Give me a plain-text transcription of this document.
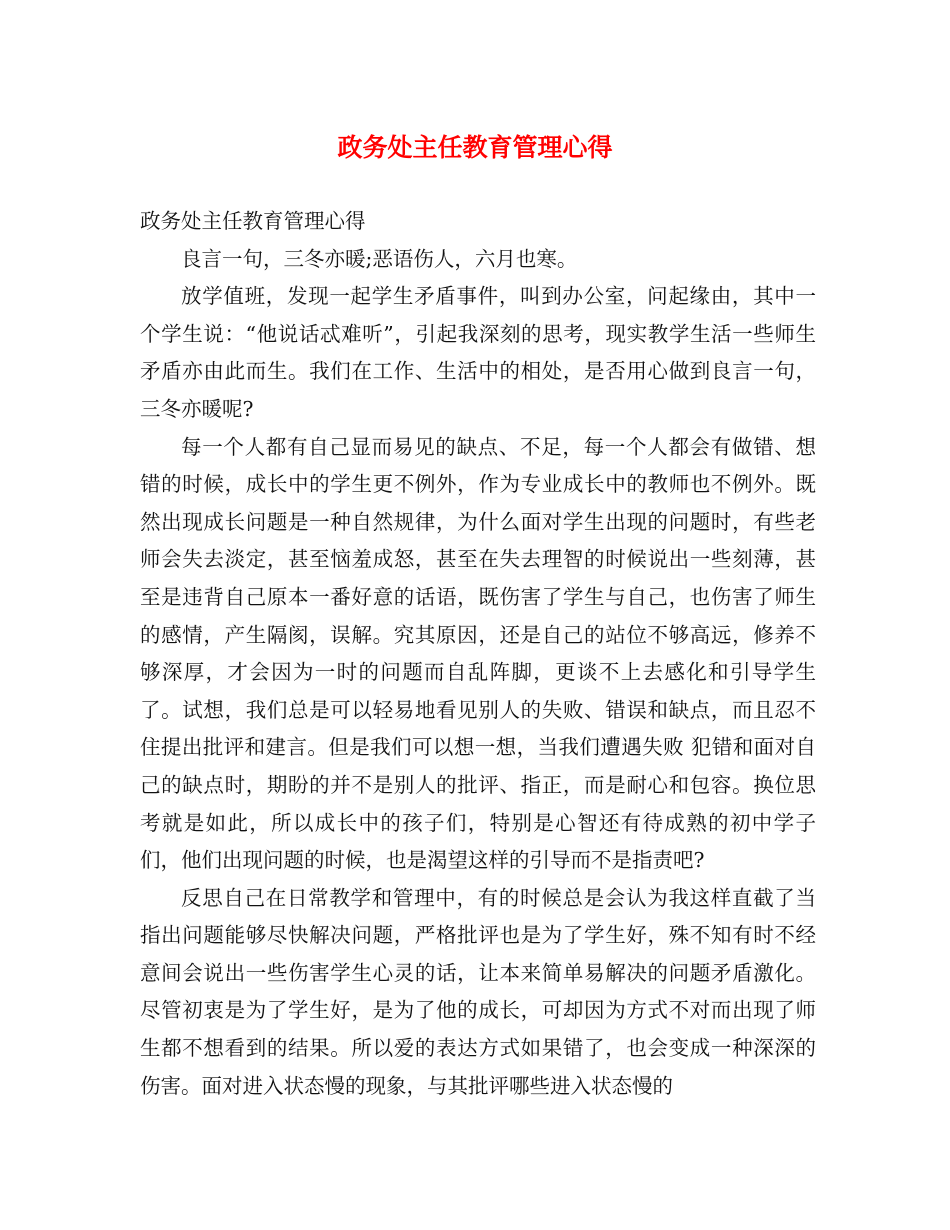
政务处主任教育管理心得

政务处主任教育管理心得

良言一句，三冬亦暖;恶语伤人，六月也寒。

放学值班，发现一起学生矛盾事件，叫到办公室，问起缘由，其中一个学生说：“他说话忒难听”，引起我深刻的思考，现实教学生活一些师生矛盾亦由此而生。我们在工作、生活中的相处，是否用心做到良言一句，三冬亦暖呢?

每一个人都有自己显而易见的缺点、不足，每一个人都会有做错、想错的时候，成长中的学生更不例外，作为专业成长中的教师也不例外。既然出现成长问题是一种自然规律，为什么面对学生出现的问题时，有些老师会失去淡定，甚至恼羞成怒，甚至在失去理智的时候说出一些刻薄，甚至是违背自己原本一番好意的话语，既伤害了学生与自己，也伤害了师生的感情，产生隔阂，误解。究其原因，还是自己的站位不够高远，修养不够深厚，才会因为一时的问题而自乱阵脚，更谈不上去感化和引导学生了。试想，我们总是可以轻易地看见别人的失败、错误和缺点，而且忍不住提出批评和建言。但是我们可以想一想，当我们遭遇失败 犯错和面对自己的缺点时，期盼的并不是别人的批评、指正，而是耐心和包容。换位思考就是如此，所以成长中的孩子们，特别是心智还有待成熟的初中学子们，他们出现问题的时候，也是渴望这样的引导而不是指责吧?

反思自己在日常教学和管理中，有的时候总是会认为我这样直截了当指出问题能够尽快解决问题，严格批评也是为了学生好，殊不知有时不经意间会说出一些伤害学生心灵的话，让本来简单易解决的问题矛盾激化。尽管初衷是为了学生好，是为了他的成长，可却因为方式不对而出现了师生都不想看到的结果。所以爱的表达方式如果错了，也会变成一种深深的伤害。面对进入状态慢的现象，与其批评哪些进入状态慢的
